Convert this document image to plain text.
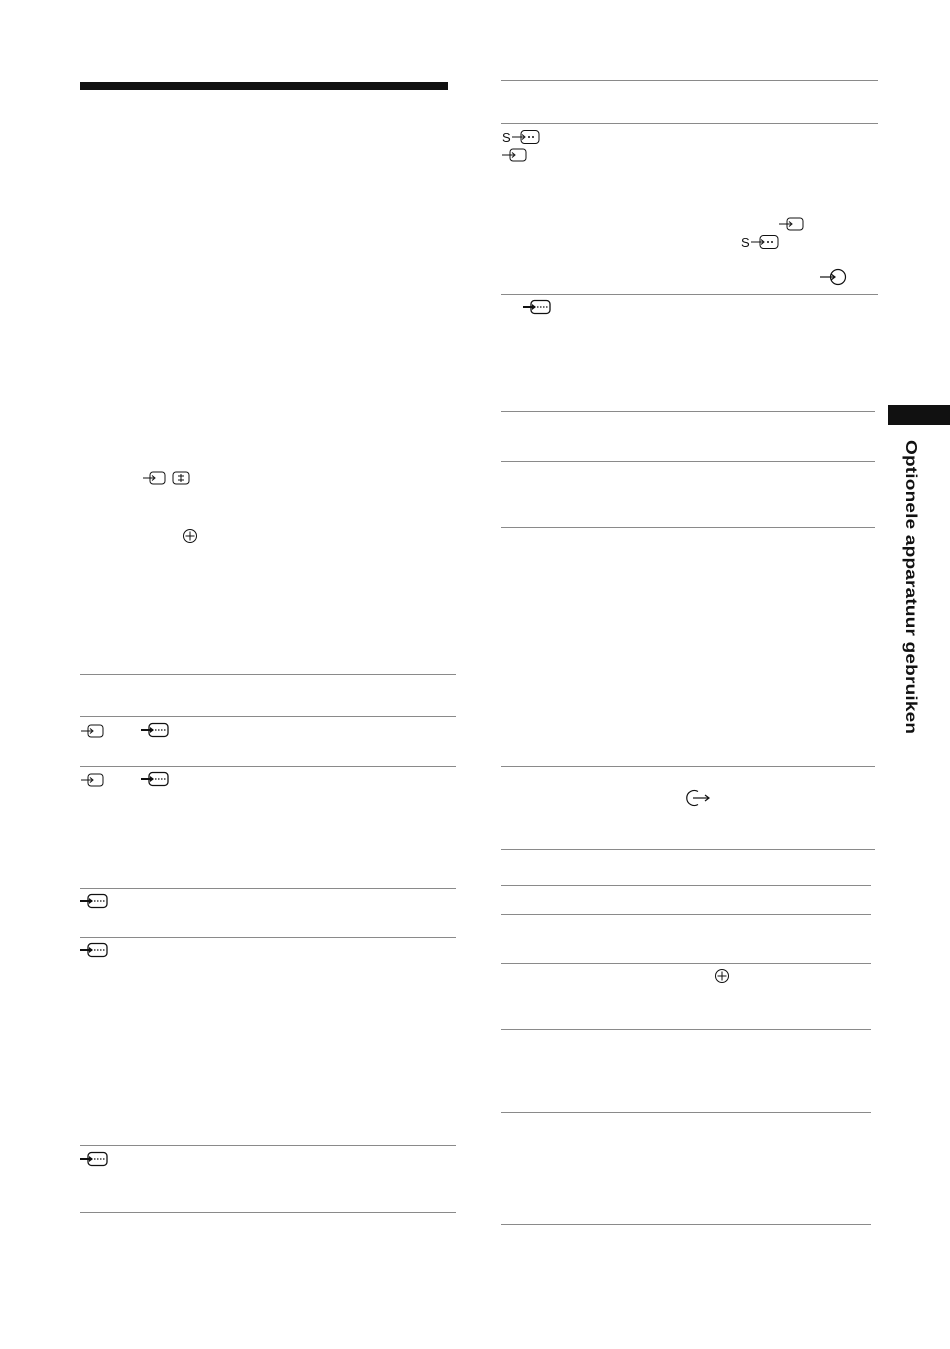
S
S
Optionele apparatuur gebruiken
